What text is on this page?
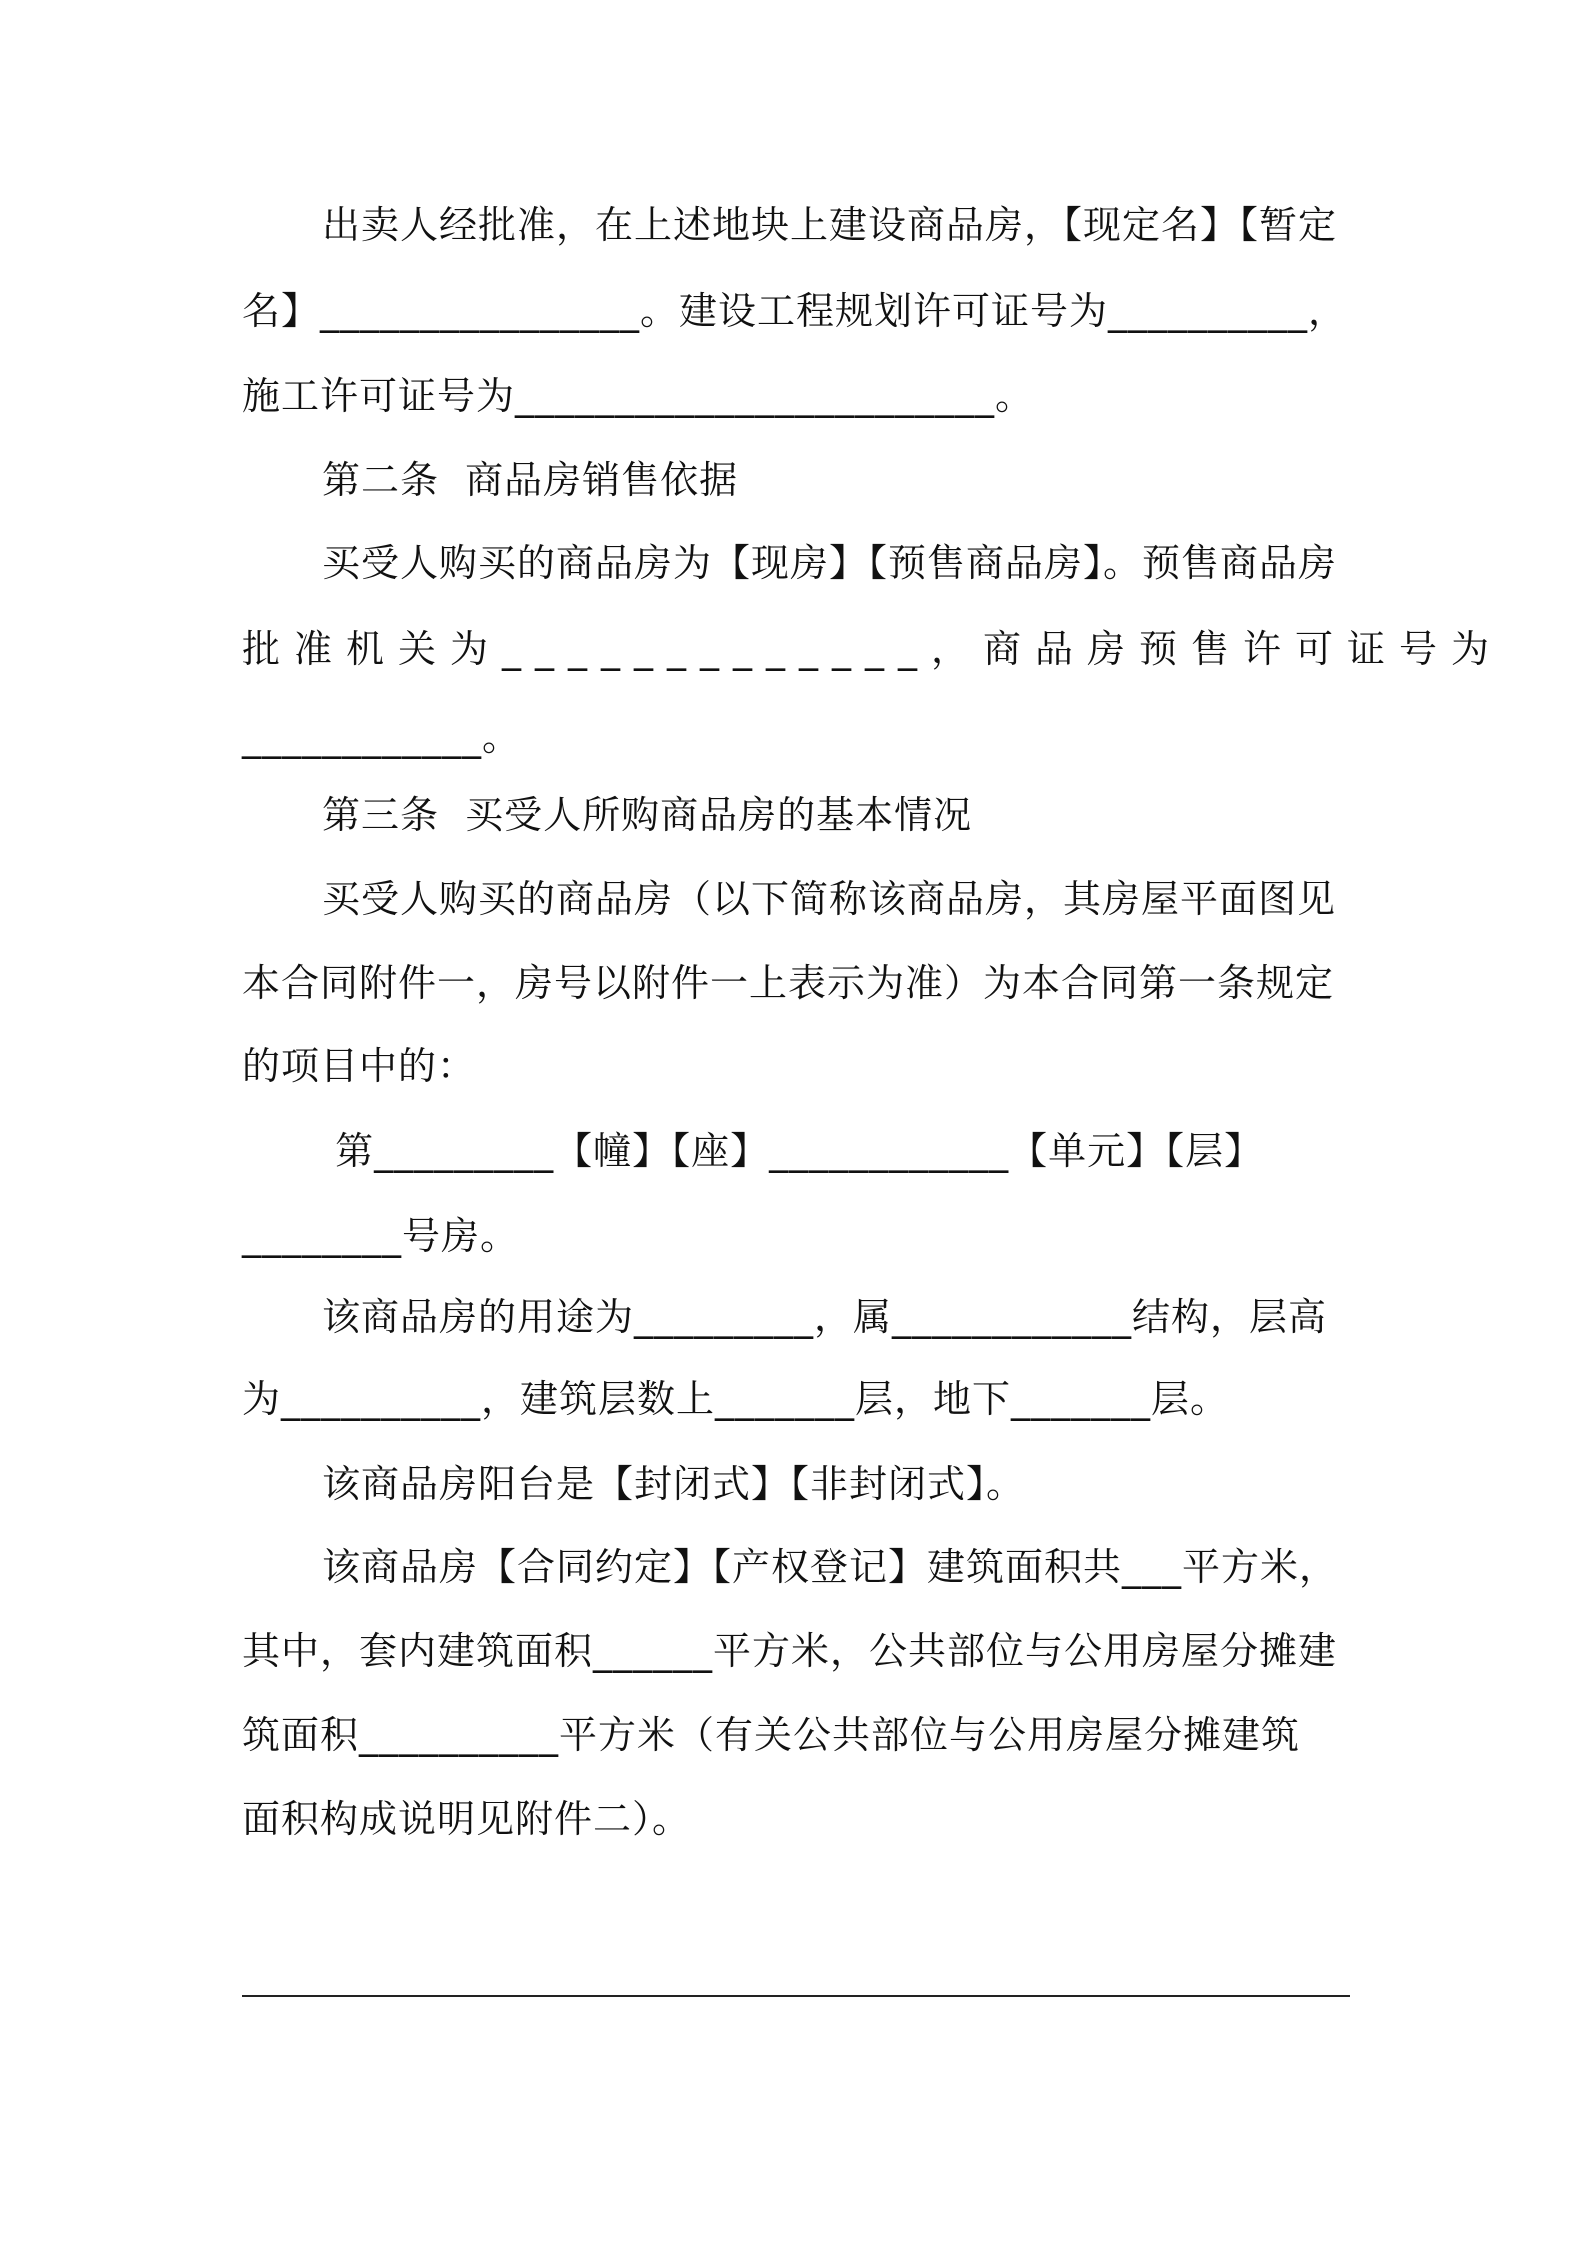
出卖人经批准，在上述地块上建设商品房，【现定名】【暂定
名】________________。建设工程规划许可证号为__________，
施工许可证号为________________________。
第二条  商品房销售依据
买受人购买的商品房为【现房】【预售商品房】。预售商品房
批准机关为_____________，商品房预售许可证号为
____________。
第三条  买受人所购商品房的基本情况
买受人购买的商品房（以下简称该商品房，其房屋平面图见
本合同附件一，房号以附件一上表示为准）为本合同第一条规定
的项目中的：
第_________【幢】【座】____________【单元】【层】
________号房。
该商品房的用途为_________，属____________结构，层高
为__________，建筑层数上_______层，地下_______层。
该商品房阳台是【封闭式】【非封闭式】。
该商品房【合同约定】【产权登记】建筑面积共___平方米，
其中，套内建筑面积______平方米，公共部位与公用房屋分摊建
筑面积__________平方米（有关公共部位与公用房屋分摊建筑
面积构成说明见附件二）。
